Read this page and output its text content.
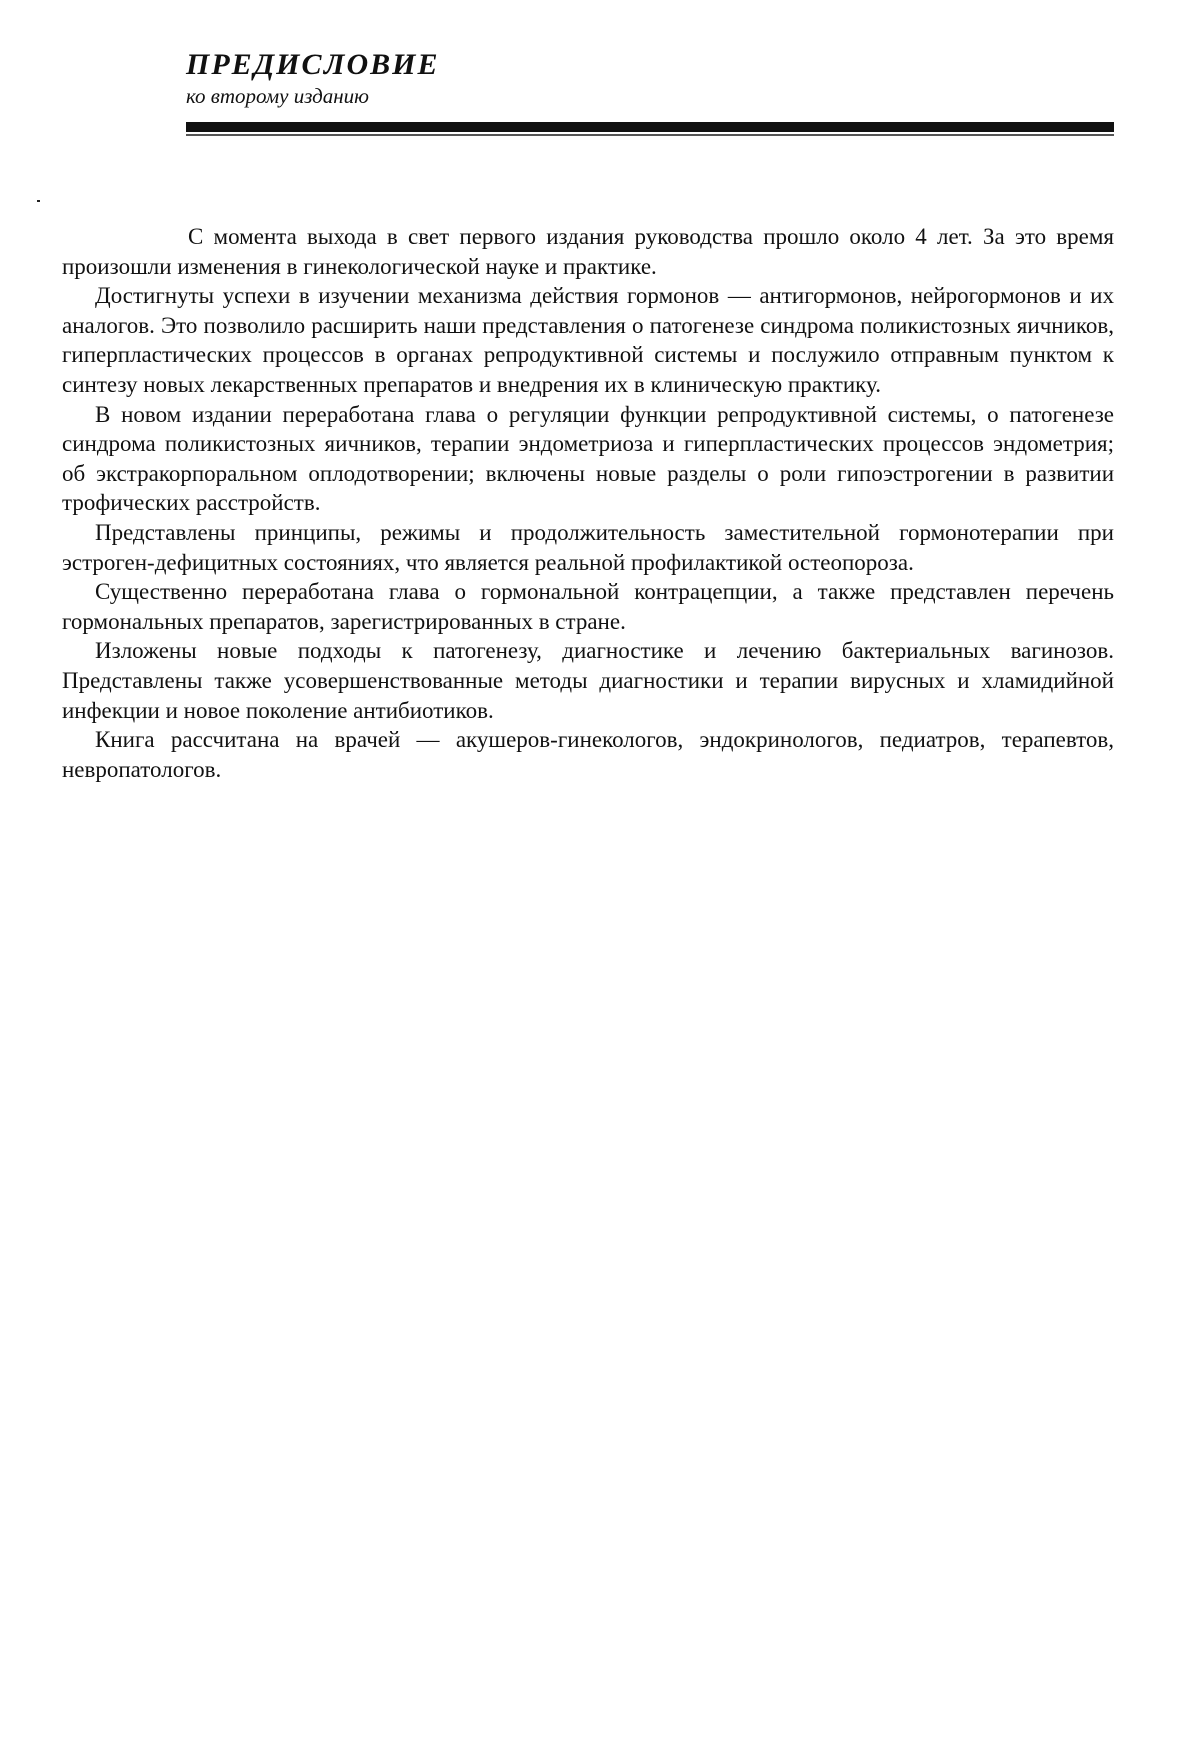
ПРЕДИСЛОВИЕ
ко второму изданию

С момента выхода в свет первого издания руководства прошло около 4 лет. За это время произошли изменения в гинекологической науке и практике.

Достигнуты успехи в изучении механизма действия гормонов — антигормонов, нейрогормонов и их аналогов. Это позволило расширить наши представления о патогенезе синдрома поликистозных яичников, гиперпластических процессов в органах репродуктивной системы и послужило отправным пунктом к синтезу новых лекарственных препаратов и внедрения их в клиническую практику.

В новом издании переработана глава о регуляции функции репродуктивной системы, о патогенезе синдрома поликистозных яичников, терапии эндометриоза и гиперпластических процессов эндометрия; об экстракорпоральном оплодотворении; включены новые разделы о роли гипоэстрогении в развитии трофических расстройств.

Представлены принципы, режимы и продолжительность заместительной гормонотерапии при эстроген-дефицитных состояниях, что является реальной профилактикой остеопороза.

Существенно переработана глава о гормональной контрацепции, а также представлен перечень гормональных препаратов, зарегистрированных в стране.

Изложены новые подходы к патогенезу, диагностике и лечению бактериальных вагинозов. Представлены также усовершенствованные методы диагностики и терапии вирусных и хламидийной инфекции и новое поколение антибиотиков.

Книга рассчитана на врачей — акушеров-гинекологов, эндокринологов, педиатров, терапевтов, невропатологов.
